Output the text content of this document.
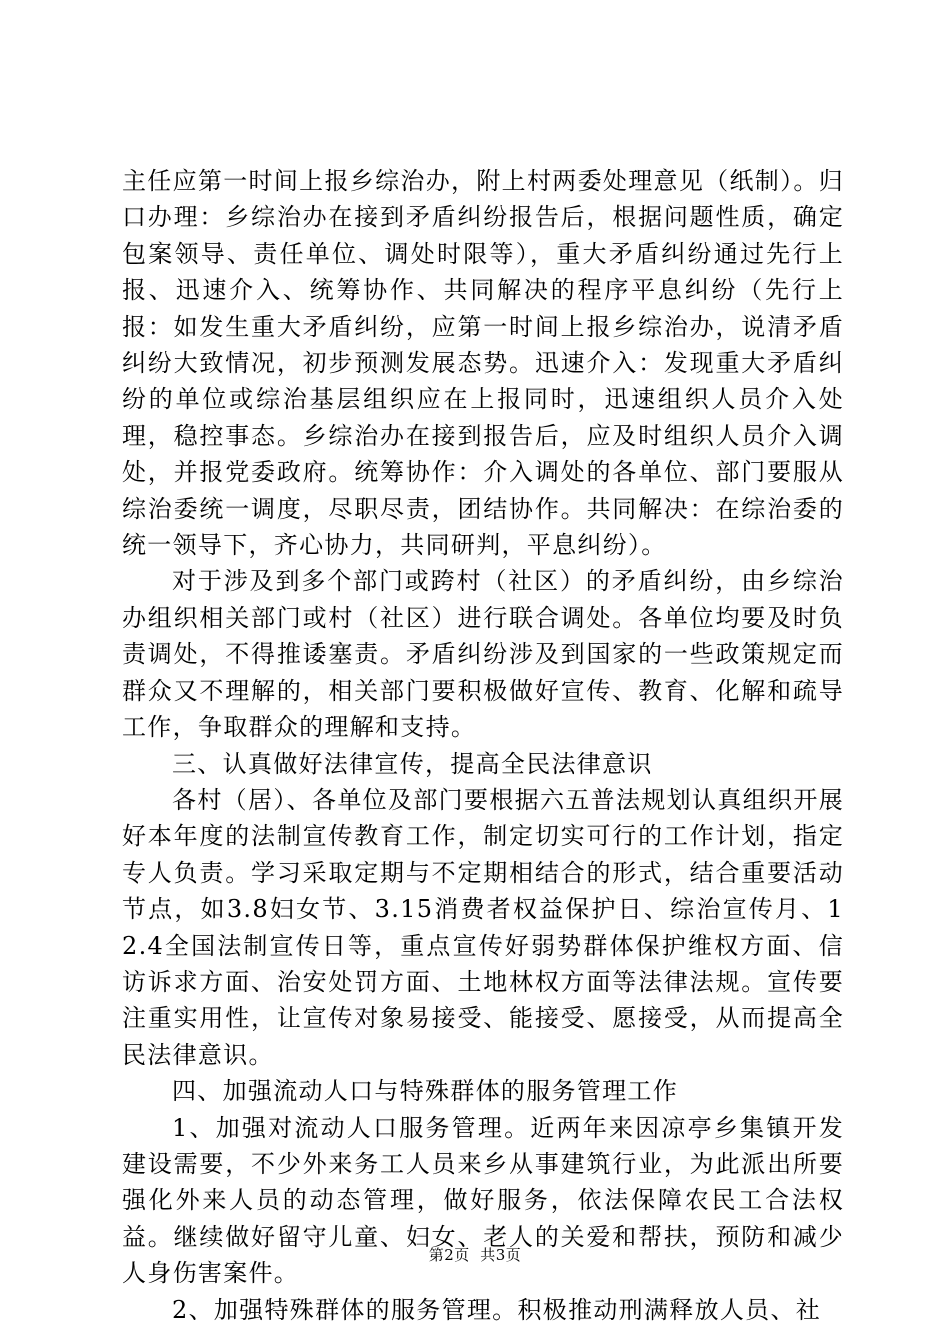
主任应第一时间上报乡综治办，附上村两委处理意见（纸制）。归口办理：乡综治办在接到矛盾纠纷报告后，根据问题性质，确定包案领导、责任单位、调处时限等），重大矛盾纠纷通过先行上报、迅速介入、统筹协作、共同解决的程序平息纠纷（先行上报：如发生重大矛盾纠纷，应第一时间上报乡综治办，说清矛盾纠纷大致情况，初步预测发展态势。迅速介入：发现重大矛盾纠纷的单位或综治基层组织应在上报同时，迅速组织人员介入处理，稳控事态。乡综治办在接到报告后，应及时组织人员介入调处，并报党委政府。统筹协作：介入调处的各单位、部门要服从综治委统一调度，尽职尽责，团结协作。共同解决：在综治委的统一领导下，齐心协力，共同研判，平息纠纷）。

对于涉及到多个部门或跨村（社区）的矛盾纠纷，由乡综治办组织相关部门或村（社区）进行联合调处。各单位均要及时负责调处，不得推诿塞责。矛盾纠纷涉及到国家的一些政策规定而群众又不理解的，相关部门要积极做好宣传、教育、化解和疏导工作，争取群众的理解和支持。

三、认真做好法律宣传，提高全民法律意识

各村（居）、各单位及部门要根据六五普法规划认真组织开展好本年度的法制宣传教育工作，制定切实可行的工作计划，指定专人负责。学习采取定期与不定期相结合的形式，结合重要活动节点，如3.8妇女节、3.15消费者权益保护日、综治宣传月、12.4全国法制宣传日等，重点宣传好弱势群体保护维权方面、信访诉求方面、治安处罚方面、土地林权方面等法律法规。宣传要注重实用性，让宣传对象易接受、能接受、愿接受，从而提高全民法律意识。

四、加强流动人口与特殊群体的服务管理工作

1、加强对流动人口服务管理。近两年来因凉亭乡集镇开发建设需要，不少外来务工人员来乡从事建筑行业，为此派出所要强化外来人员的动态管理，做好服务，依法保障农民工合法权益。继续做好留守儿童、妇女、老人的关爱和帮扶，预防和减少人身伤害案件。

2、加强特殊群体的服务管理。积极推动刑满释放人员、社

第2页  共3页
